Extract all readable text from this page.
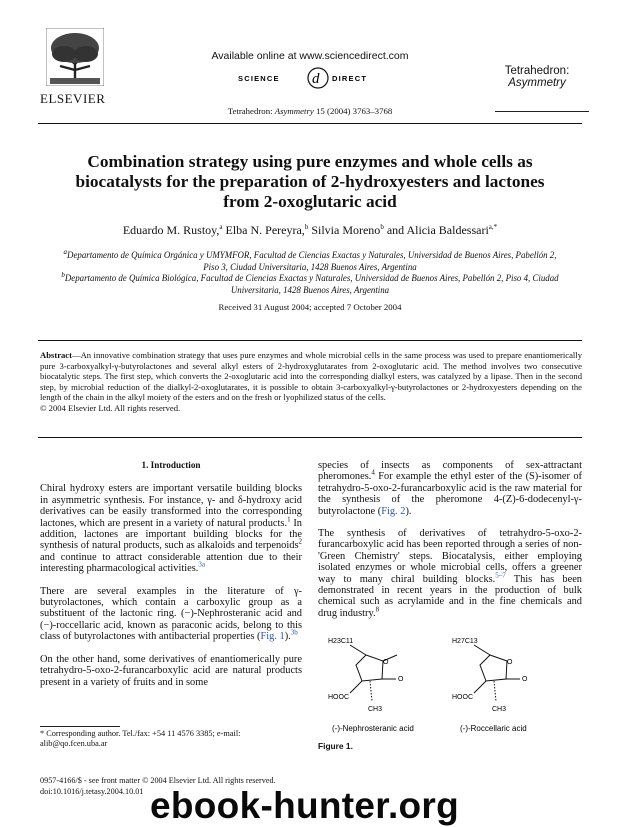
ELSEVIER
Available online at www.sciencedirect.com
SCIENCE d DIRECT
Tetrahedron: Asymmetry 15 (2004) 3763–3768
Tetrahedron:
Asymmetry
Combination strategy using pure enzymes and whole cells as biocatalysts for the preparation of 2-hydroxyesters and lactones from 2-oxoglutaric acid
Eduardo M. Rustoy,$^a$ Elba N. Pereyra,$^b$ Silvia Moreno$^b$ and Alicia Baldessari$^{a,*}$
$^a$Departamento de Química Orgánica y UMYMFOR, Facultad de Ciencias Exactas y Naturales, Universidad de Buenos Aires, Pabellón 2, Piso 3, Ciudad Universitaria, 1428 Buenos Aires, Argentina
$^b$Departamento de Química Biológica, Facultad de Ciencias Exactas y Naturales, Universidad de Buenos Aires, Pabellón 2, Piso 4, Ciudad Universitaria, 1428 Buenos Aires, Argentina
Received 31 August 2004; accepted 7 October 2004
Abstract—An innovative combination strategy that uses pure enzymes and whole microbial cells in the same process was used to prepare enantiomerically pure 3-carboxyalkyl-γ-butyrolactones and several alkyl esters of 2-hydroxyglutarates from 2-oxoglutaric acid. The method involves two consecutive biocatalytic steps. The first step, which converts the 2-oxoglutaric acid into the corresponding dialkyl esters, was catalyzed by a lipase. Then in the second step, by microbial reduction of the dialkyl-2-oxoglutarates, it is possible to obtain 3-carboxyalkyl-γ-butyrolactones or 2-hydroxyesters depending on the length of the chain in the alkyl moiety of the esters and on the fresh or lyophilized status of the cells.
© 2004 Elsevier Ltd. All rights reserved.
1. Introduction

Chiral hydroxy esters are important versatile building blocks in asymmetric synthesis. For instance, γ- and δ-hydroxy acid derivatives can be easily transformed into the corresponding lactones, which are present in a variety of natural products.$^1$ In addition, lactones are important building blocks for the synthesis of natural products, such as alkaloids and terpenoids$^2$ and continue to attract considerable attention due to their interesting pharmacological activities.$^{3a}$

There are several examples in the literature of γ-butyrolactones, which contain a carboxylic group as a substituent of the lactonic ring. (−)-Nephrosteranic acid and (−)-roccellaric acid, known as paraconic acids, belong to this class of butyrolactones with antibacterial properties (Fig. 1).$^{3b}$

On the other hand, some derivatives of enantiomerically pure tetrahydro-5-oxo-2-furancarboxylic acid are natural products present in a variety of fruits and in some

species of insects as components of sex-attractant pheromones.$^4$ For example the ethyl ester of the (S)-isomer of tetrahydro-5-oxo-2-furancarboxylic acid is the raw material for the synthesis of the pheromone 4-(Z)-6-dodecenyl-γ-butyrolactone (Fig. 2).

The synthesis of derivatives of tetrahydro-5-oxo-2-furancarboxylic acid has been reported through a series of non-'Green Chemistry' steps. Biocatalysis, either employing isolated enzymes or whole microbial cells, offers a greener way to many chiral building blocks.$^{5-7}$ This has been demonstrated in recent years in the production of bulk chemical such as acrylamide and in the fine chemicals and drug industry.$^8$

H23C11
O
O
HOOC
CH3
(-)-Nephrosteranic acid
H27C13
O
O
HOOC
CH3
(-)-Roccellaric acid
Figure 1.
* Corresponding author. Tel./fax: +54 11 4576 3385; e-mail: alib@qo.fcen.uba.ar
0957-4166/$ - see front matter © 2004 Elsevier Ltd. All rights reserved.
doi:10.1016/j.tetasy.2004.10.01 ebook-hunter.org
